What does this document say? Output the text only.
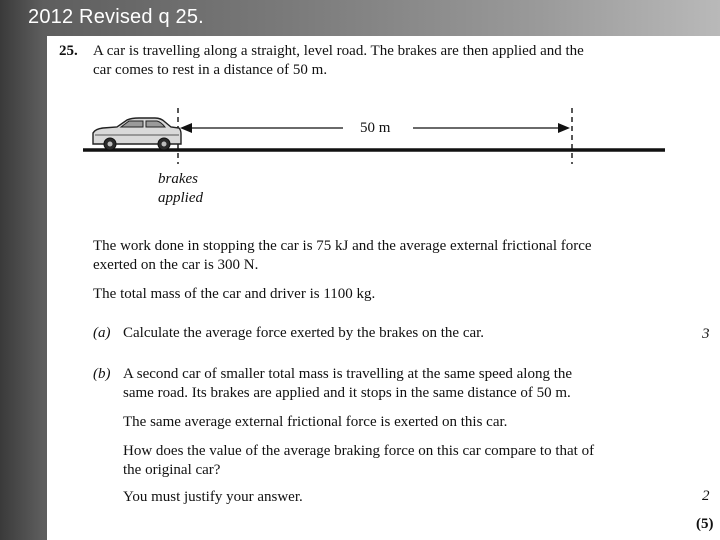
2012 Revised q 25.
25. A car is travelling along a straight, level road. The brakes are then applied and the
car comes to rest in a distance of 50 m.
50 m
brakes
applied
The work done in stopping the car is 75 kJ and the average external frictional force
exerted on the car is 300 N.
The total mass of the car and driver is 1100 kg.
(a) Calculate the average force exerted by the brakes on the car.	3
(b) A second car of smaller total mass is travelling at the same speed along the
same road. Its brakes are applied and it stops in the same distance of 50 m.
The same average external frictional force is exerted on this car.
How does the value of the average braking force on this car compare to that of
the original car?
You must justify your answer.	2
(5)
